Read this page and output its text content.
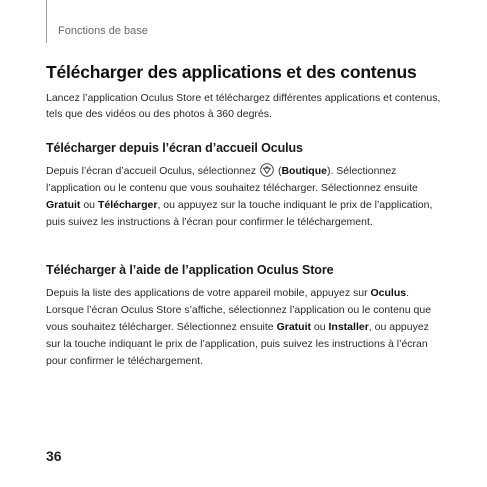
Fonctions de base
Télécharger des applications et des contenus

Lancez l’application Oculus Store et téléchargez différentes applications et contenus, tels que des vidéos ou des photos à 360 degrés.

Télécharger depuis l’écran d’accueil Oculus

Depuis l’écran d’accueil Oculus, sélectionnez
(Boutique). Sélectionnez l’application ou le contenu que vous souhaitez télécharger. Sélectionnez ensuite Gratuit ou Télécharger, ou appuyez sur la touche indiquant le prix de l’application, puis suivez les instructions à l’écran pour confirmer le téléchargement.

Télécharger à l’aide de l’application Oculus Store

Depuis la liste des applications de votre appareil mobile, appuyez sur Oculus. Lorsque l’écran Oculus Store s’affiche, sélectionnez l’application ou le contenu que vous souhaitez télécharger. Sélectionnez ensuite Gratuit ou Installer, ou appuyez sur la touche indiquant le prix de l’application, puis suivez les instructions à l’écran pour confirmer le téléchargement.

36
